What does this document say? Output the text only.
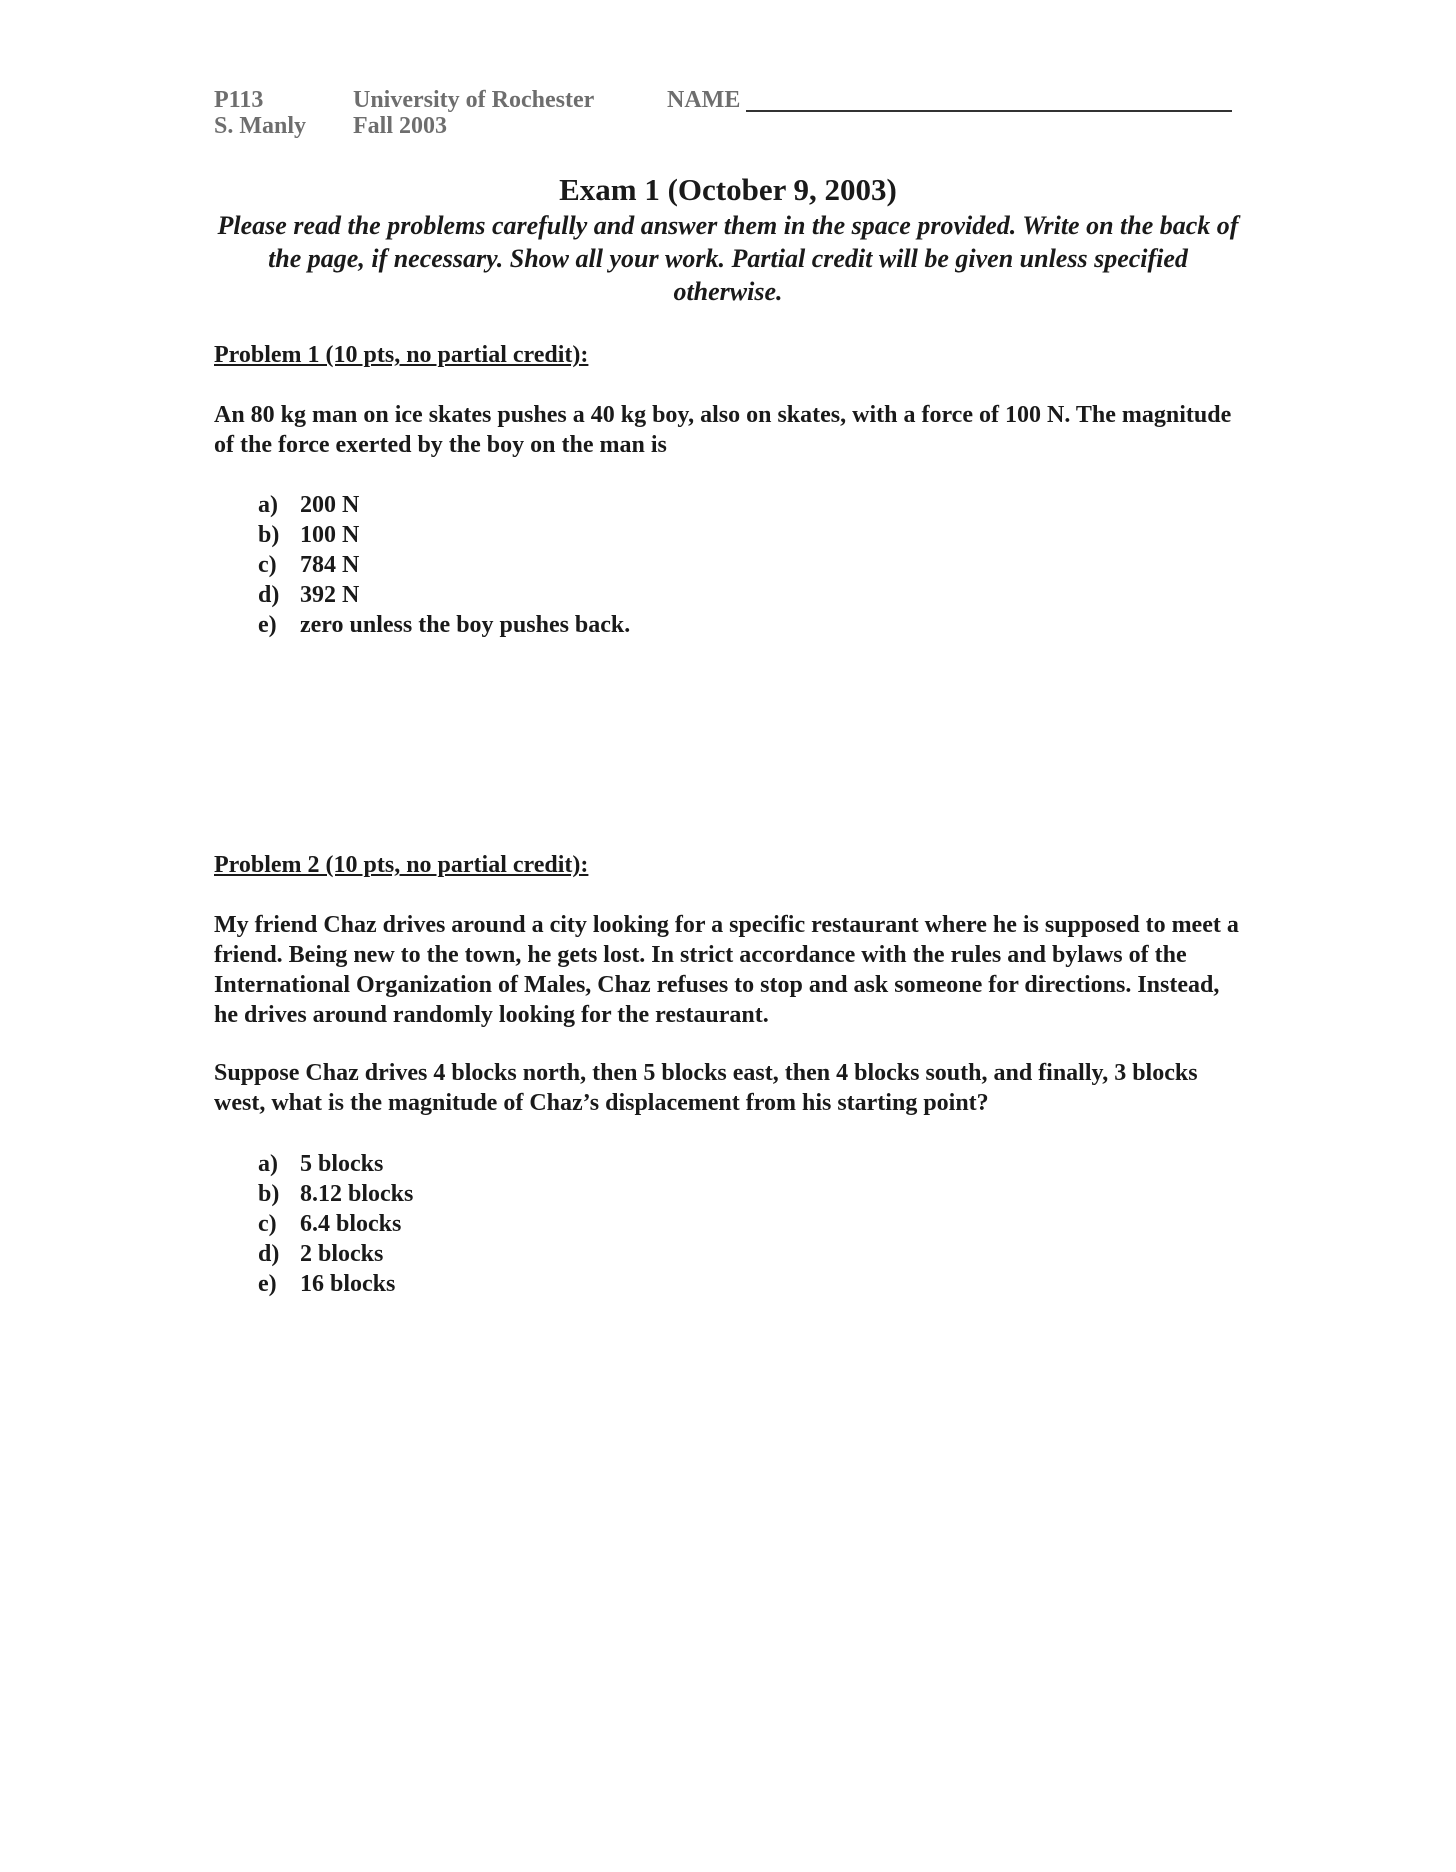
P113
S. Manly
University of Rochester
Fall 2003
NAME
Exam 1 (October 9, 2003)
Please read the problems carefully and answer them in the space provided. Write on the back of the page, if necessary. Show all your work. Partial credit will be given unless specified otherwise.
Problem 1 (10 pts, no partial credit):
An 80 kg man on ice skates pushes a 40 kg boy, also on skates, with a force of 100 N. The magnitude of the force exerted by the boy on the man is
a) 200 N
b) 100 N
c) 784 N
d) 392 N
e) zero unless the boy pushes back.
Problem 2 (10 pts, no partial credit):
My friend Chaz drives around a city looking for a specific restaurant where he is supposed to meet a friend. Being new to the town, he gets lost. In strict accordance with the rules and bylaws of the International Organization of Males, Chaz refuses to stop and ask someone for directions. Instead, he drives around randomly looking for the restaurant.
Suppose Chaz drives 4 blocks north, then 5 blocks east, then 4 blocks south, and finally, 3 blocks west, what is the magnitude of Chaz’s displacement from his starting point?
a) 5 blocks
b) 8.12 blocks
c) 6.4 blocks
d) 2 blocks
e) 16 blocks
